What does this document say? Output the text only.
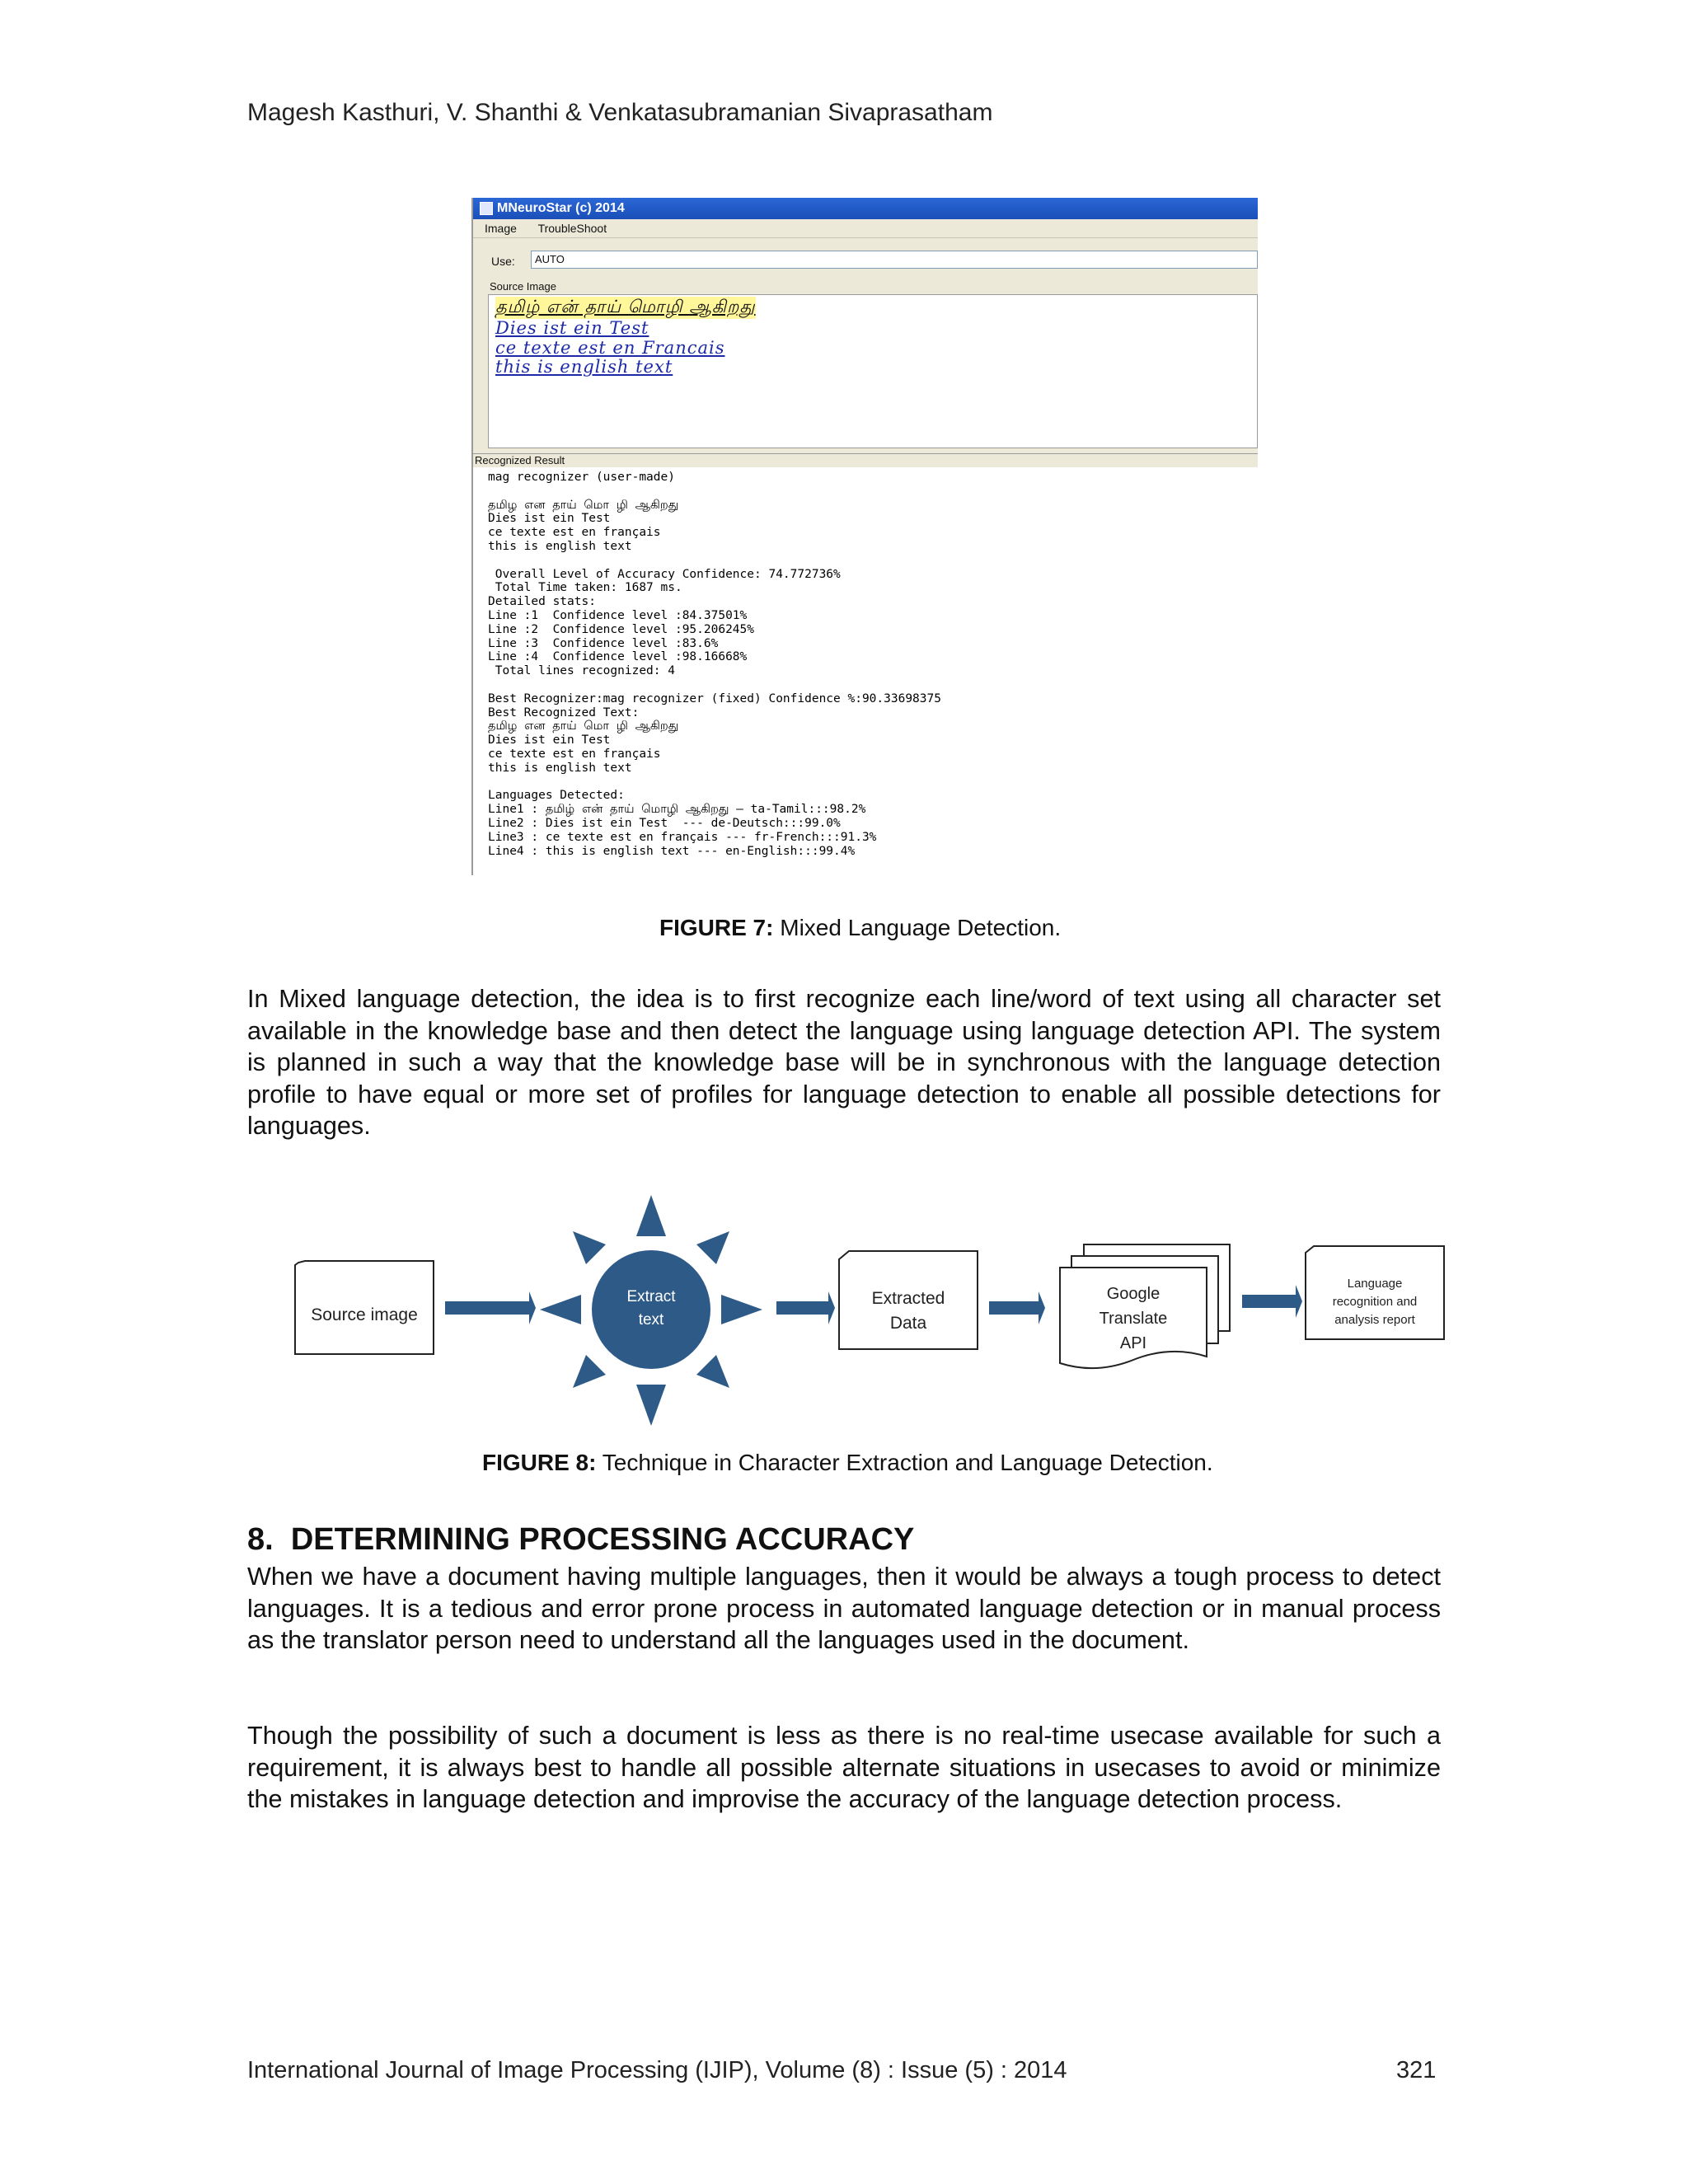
Magesh Kasthuri, V. Shanthi & Venkatasubramanian Sivaprasatham
MNeuroStar (c) 2014
Image TroubleShoot
Use:	AUTO
Source Image
தமிழ் என் தாய் மொழி ஆகிறது
Dies ist ein Test
ce texte est en Francais
this is english text
Recognized Result
mag recognizer (user-made)
தமிழ என தாய் மொ ழி ஆகிறது
Dies ist ein Test
ce texte est en français
this is english text
Overall Level of Accuracy Confidence: 74.772736%
Total Time taken: 1687 ms.
Detailed stats:
Line :1  Confidence level :84.37501%
Line :2  Confidence level :95.206245%
Line :3  Confidence level :83.6%
Line :4  Confidence level :98.16668%
Total lines recognized: 4
Best Recognizer:mag recognizer (fixed) Confidence %:90.33698375
Best Recognized Text:
தமிழ என தாய் மொ ழி ஆகிறது
Dies ist ein Test
ce texte est en français
this is english text
Languages Detected:
Line1 : தமிழ் என் தாய் மொழி ஆகிறது — ta-Tamil:::98.2%
Line2 : Dies ist ein Test  --- de-Deutsch:::99.0%
Line3 : ce texte est en français --- fr-French:::91.3%
Line4 : this is english text --- en-English:::99.4%
FIGURE 7: Mixed Language Detection.
In Mixed language detection, the idea is to first recognize each line/word of text using all character set available in the knowledge base and then detect the language using language detection API. The system is planned in such a way that the knowledge base will be in synchronous with the language detection profile to have equal or more set of profiles for language detection to enable all possible detections for languages.
Source image
Extract
text
Extracted
Data
Google
Translate
API
Language
recognition and
analysis report
FIGURE 8: Technique in Character Extraction and Language Detection.
8. DETERMINING PROCESSING ACCURACY
When we have a document having multiple languages, then it would be always a tough process to detect languages. It is a tedious and error prone process in automated language detection or in manual process as the translator person need to understand all the languages used in the document.
Though the possibility of such a document is less as there is no real-time usecase available for such a requirement, it is always best to handle all possible alternate situations in usecases to avoid or minimize the mistakes in language detection and improvise the accuracy of the language detection process.
International Journal of Image Processing (IJIP), Volume (8) : Issue (5) : 2014	321
